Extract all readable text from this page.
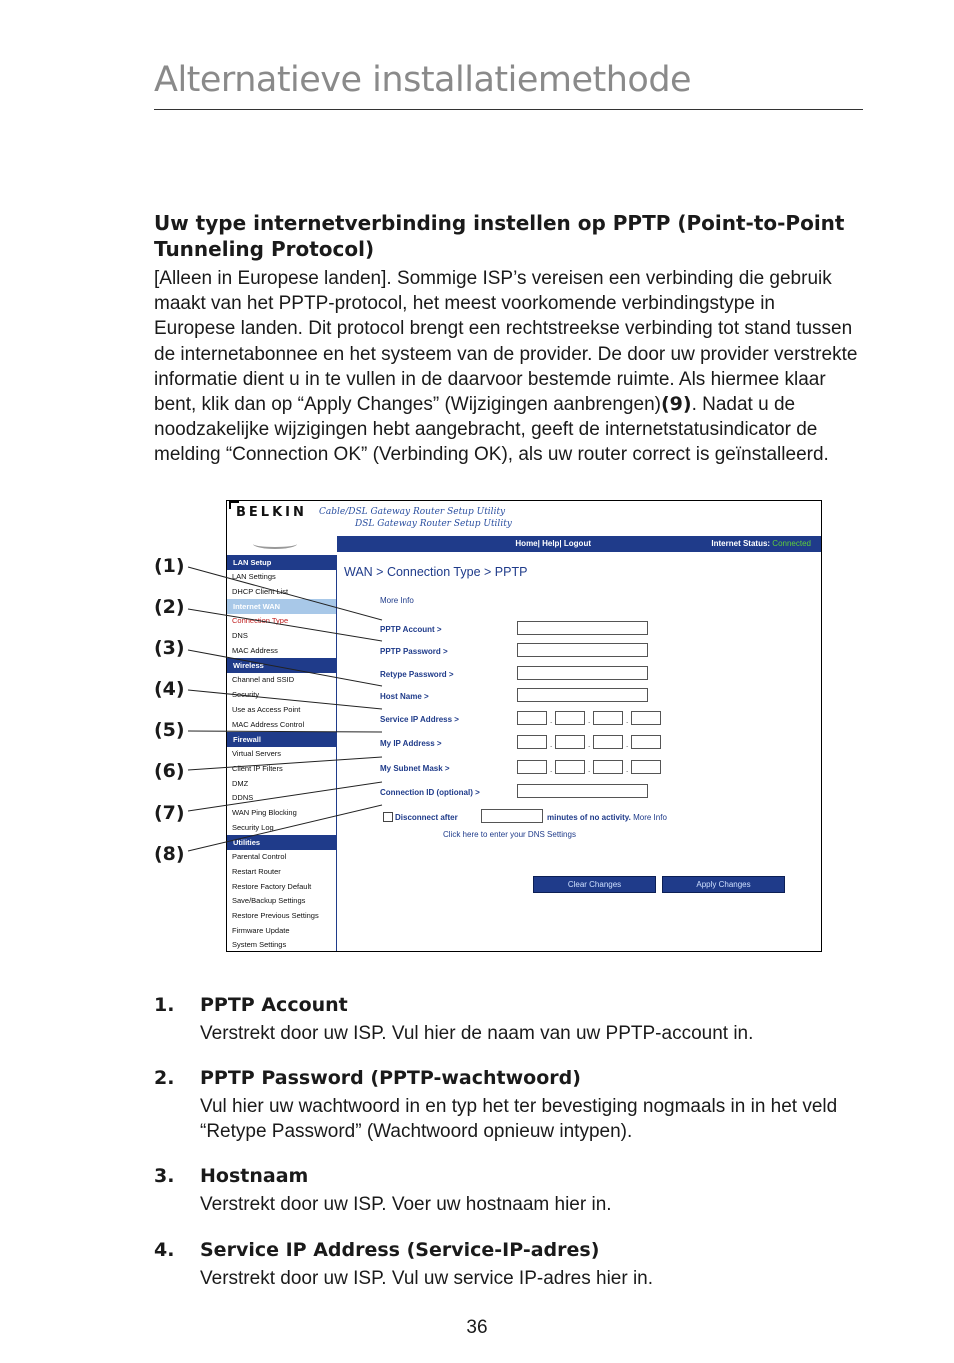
Alternatieve installatiemethode
Uw type internetverbinding instellen op PPTP (Point-to-Point Tunneling Protocol)
[Alleen in Europese landen]. Sommige ISP’s vereisen een verbinding die gebruik maakt van het PPTP-protocol, het meest voorkomende verbindingstype in Europese landen. Dit protocol brengt een rechtstreekse verbinding tot stand tussen de internetabonnee en het systeem van de provider. De door uw provider verstrekte informatie dient u in te vullen in de daarvoor bestemde ruimte. Als hiermee klaar bent, klik dan op “Apply Changes” (Wijzigingen aanbrengen)(9). Nadat u de noodzakelijke wijzigingen hebt aangebracht, geeft de internetstatusindicator de melding “Connection OK” (Verbinding OK), als uw router correct is geïnstalleerd.
BELKIN Cable/DSL Gateway Router Setup Utility
DSL Gateway Router Setup Utility
Home| Help| Logout	Internet Status: Connected
LAN Setup
LAN Settings
DHCP Client List
Internet WAN
Connection Type
DNS
MAC Address
Wireless
Channel and SSID
Security
Use as Access Point
MAC Address Control
Firewall
Virtual Servers
Client IP Filters
DMZ
DDNS
WAN Ping Blocking
Security Log
Utilities
Parental Control
Restart Router
Restore Factory Default
Save/Backup Settings
Restore Previous Settings
Firmware Update
System Settings
WAN > Connection Type > PPTP
More Info
PPTP Account >
PPTP Password >
Retype Password >
Host Name >
Service IP Address >	.	.	.
My IP Address >	.	.	.
My Subnet Mask >	.	.	.
Connection ID (optional) >
Disconnect after	minutes of no activity. More Info
Click here to enter your DNS Settings
Clear Changes	Apply Changes
(1)
(2)
(3)
(4)
(5)
(6)
(7)
(8)
1. PPTP Account
Verstrekt door uw ISP. Vul hier de naam van uw PPTP-account in.
2. PPTP Password (PPTP-wachtwoord)
Vul hier uw wachtwoord in en typ het ter bevestiging nogmaals in in het veld “Retype Password” (Wachtwoord opnieuw intypen).
3. Hostnaam
Verstrekt door uw ISP. Voer uw hostnaam hier in.
4. Service IP Address (Service-IP-adres)
Verstrekt door uw ISP. Vul uw service IP-adres hier in.
36
